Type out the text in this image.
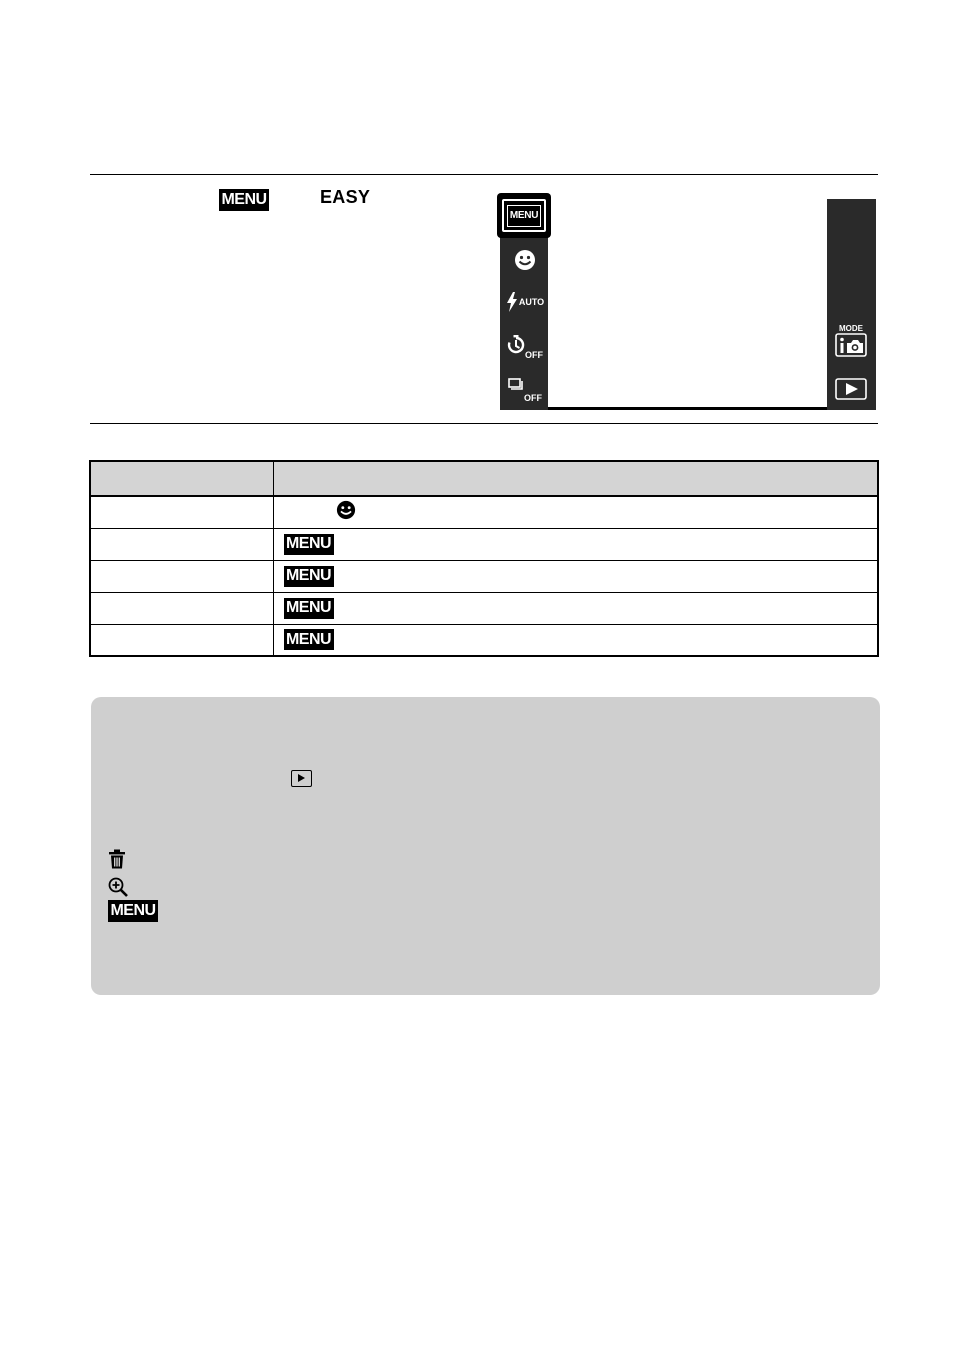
MENU	EASY
MENU
AUTO
$_{OFF}$
$_{OFF}$
MODE

	MENU
	MENU
	MENU
	MENU
MENU
